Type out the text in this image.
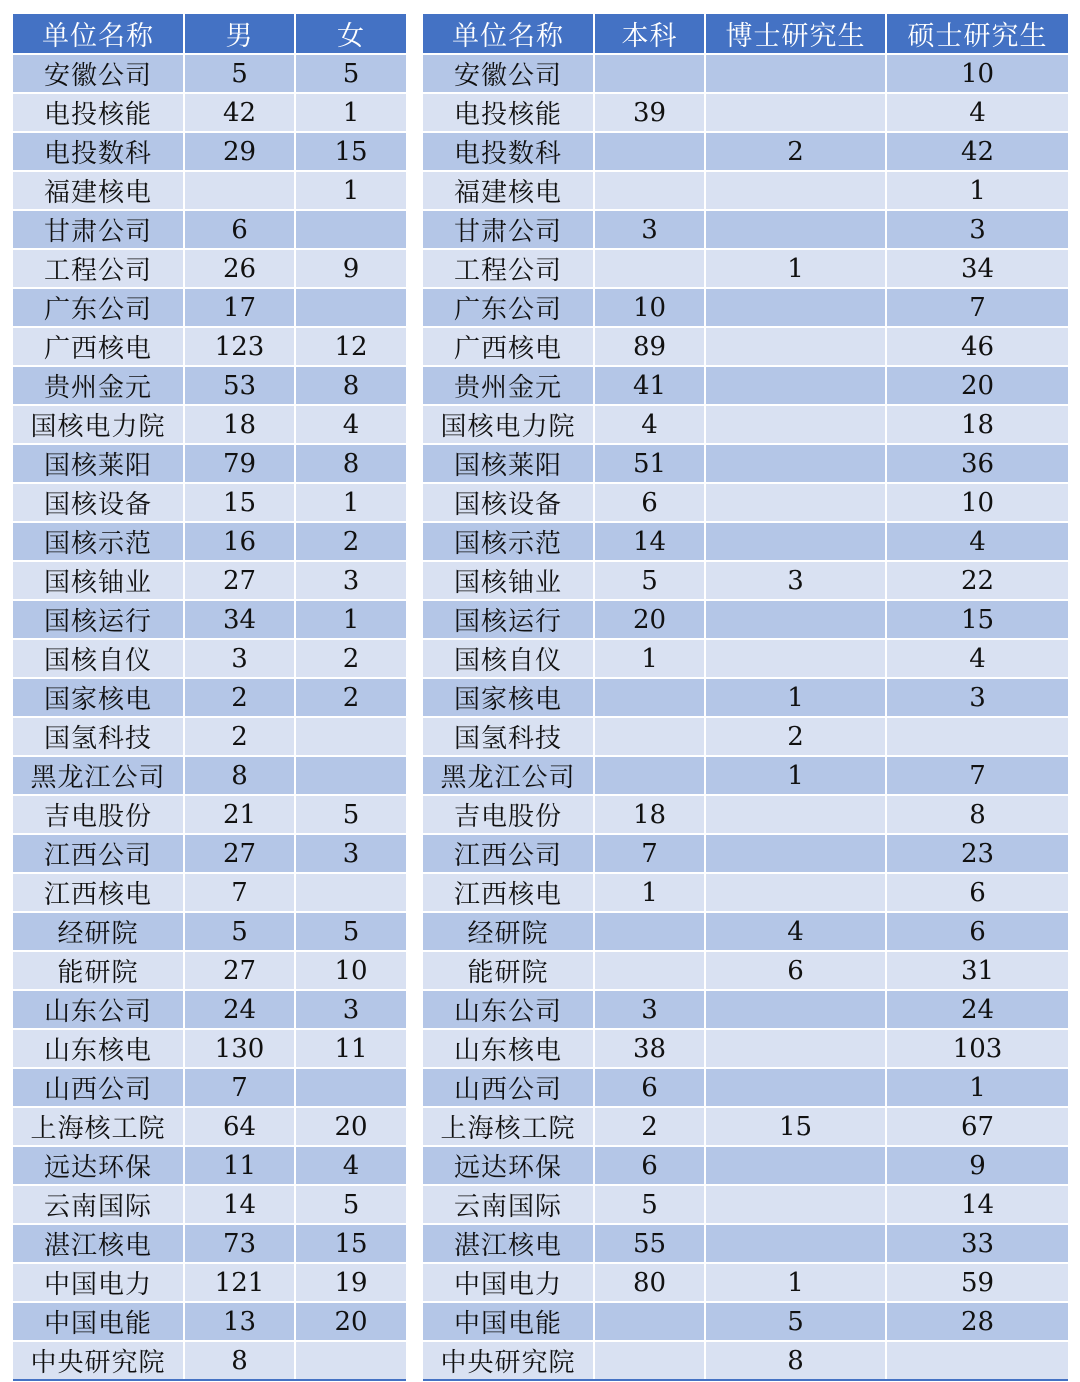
单位名称	男	女
安徽公司	5	5
电投核能	42	1
电投数科	29	15
福建核电		1
甘肃公司	6	
工程公司	26	9
广东公司	17	
广西核电	123	12
贵州金元	53	8
国核电力院	18	4
国核莱阳	79	8
国核设备	15	1
国核示范	16	2
国核铀业	27	3
国核运行	34	1
国核自仪	3	2
国家核电	2	2
国氢科技	2	
黑龙江公司	8	
吉电股份	21	5
江西公司	27	3
江西核电	7	
经研院	5	5
能研院	27	10
山东公司	24	3
山东核电	130	11
山西公司	7	
上海核工院	64	20
远达环保	11	4
云南国际	14	5
湛江核电	73	15
中国电力	121	19
中国电能	13	20
中央研究院	8	
单位名称	本科	博士研究生	硕士研究生
安徽公司			10
电投核能	39		4
电投数科		2	42
福建核电			1
甘肃公司	3		3
工程公司		1	34
广东公司	10		7
广西核电	89		46
贵州金元	41		20
国核电力院	4		18
国核莱阳	51		36
国核设备	6		10
国核示范	14		4
国核铀业	5	3	22
国核运行	20		15
国核自仪	1		4
国家核电		1	3
国氢科技		2	
黑龙江公司		1	7
吉电股份	18		8
江西公司	7		23
江西核电	1		6
经研院		4	6
能研院		6	31
山东公司	3		24
山东核电	38		103
山西公司	6		1
上海核工院	2	15	67
远达环保	6		9
云南国际	5		14
湛江核电	55		33
中国电力	80	1	59
中国电能		5	28
中央研究院		8	
